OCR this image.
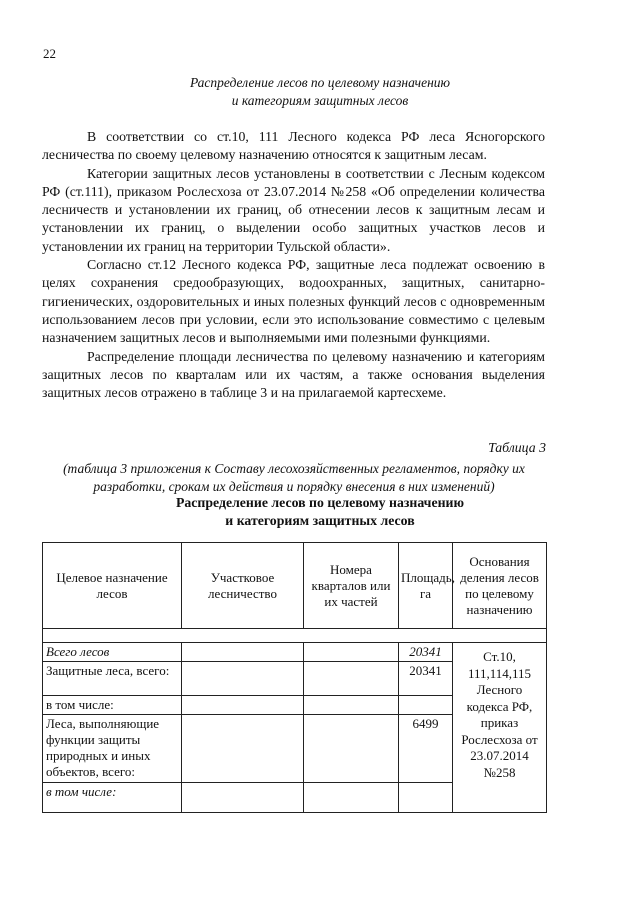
22
Распределение лесов по целевому назначению
и категориям защитных лесов

В соответствии со ст.10, 111 Лесного кодекса РФ леса Ясногорского лесничества по своему целевому назначению относятся к защитным лесам.

Категории защитных лесов установлены в соответствии с Лесным кодексом РФ (ст.111), приказом Рослесхоза от 23.07.2014 №258 «Об определении количества лесничеств и установлении их границ, об отнесении лесов к защитным лесам и установлении их границ, о выделении особо защитных участков лесов и установлении их границ на территории Тульской области».

Согласно ст.12 Лесного кодекса РФ, защитные леса подлежат освоению в целях сохранения средообразующих, водоохранных, защитных, санитарно-гигиенических, оздоровительных и иных полезных функций лесов с одновременным использованием лесов при условии, если это использование совместимо с целевым назначением защитных лесов и выполняемыми ими полезными функциями.

Распределение площади лесничества по целевому назначению и категориям защитных лесов по кварталам или их частям, а также основания выделения защитных лесов отражено в таблице 3 и на прилагаемой картесхеме.

Таблица 3
(таблица 3 приложения к Составу лесохозяйственных регламентов, порядку их разработки, срокам их действия и порядку внесения в них изменений)
Распределение лесов по целевому назначению
и категориям защитных лесов
Целевое назначение лесов	Участковое лесничество	Номера кварталов или их частей	Площадь, га	Основания деления лесов по целевому назначению

Всего лесов			20341	Ст.10, 111,114,115 Лесного кодекса РФ, приказ Рослесхоза от 23.07.2014 №258
Защитные леса, всего:			20341	
в том числе:				
Леса, выполняющие функции защиты природных и иных объектов, всего:			6499	
в том числе:				
